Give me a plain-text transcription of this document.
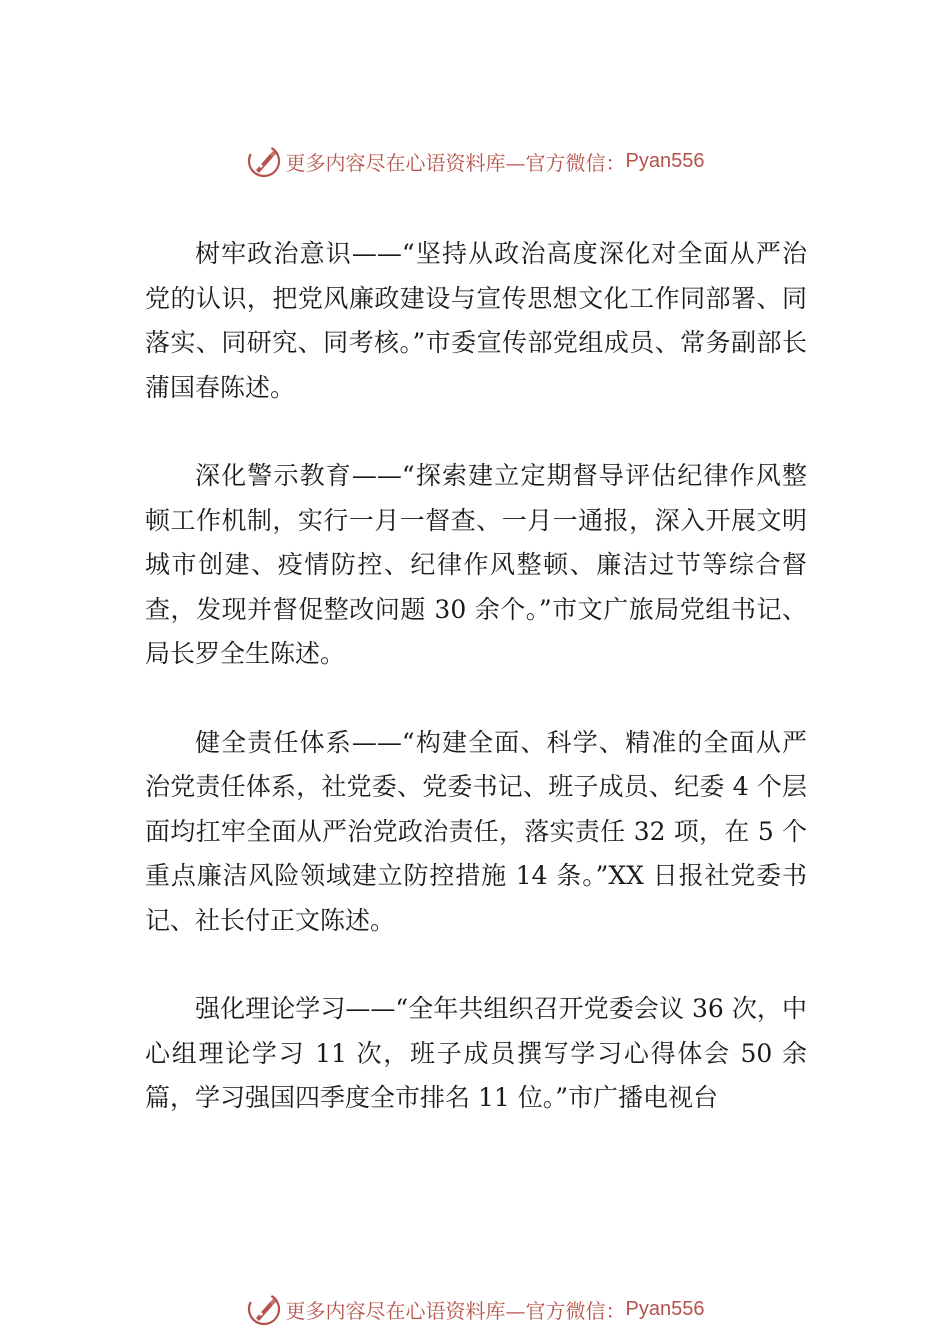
更多内容尽在心语资料库—官方微信： Pyan556

树牢政治意识——“坚持从政治高度深化对全面从严治党的认识，把党风廉政建设与宣传思想文化工作同部署、同落实、同研究、同考核。”市委宣传部党组成员、常务副部长蒲国春陈述。

深化警示教育——“探索建立定期督导评估纪律作风整顿工作机制，实行一月一督查、一月一通报，深入开展文明城市创建、疫情防控、纪律作风整顿、廉洁过节等综合督查，发现并督促整改问题 30 余个。”市文广旅局党组书记、局长罗全生陈述。

健全责任体系——“构建全面、科学、精准的全面从严治党责任体系，社党委、党委书记、班子成员、纪委 4 个层面均扛牢全面从严治党政治责任，落实责任 32 项，在 5 个重点廉洁风险领域建立防控措施 14 条。”XX 日报社党委书记、社长付正文陈述。

强化理论学习——“全年共组织召开党委会议 36 次，中心组理论学习 11 次，班子成员撰写学习心得体会 50 余篇，学习强国四季度全市排名 11 位。”市广播电视台

更多内容尽在心语资料库—官方微信： Pyan556
